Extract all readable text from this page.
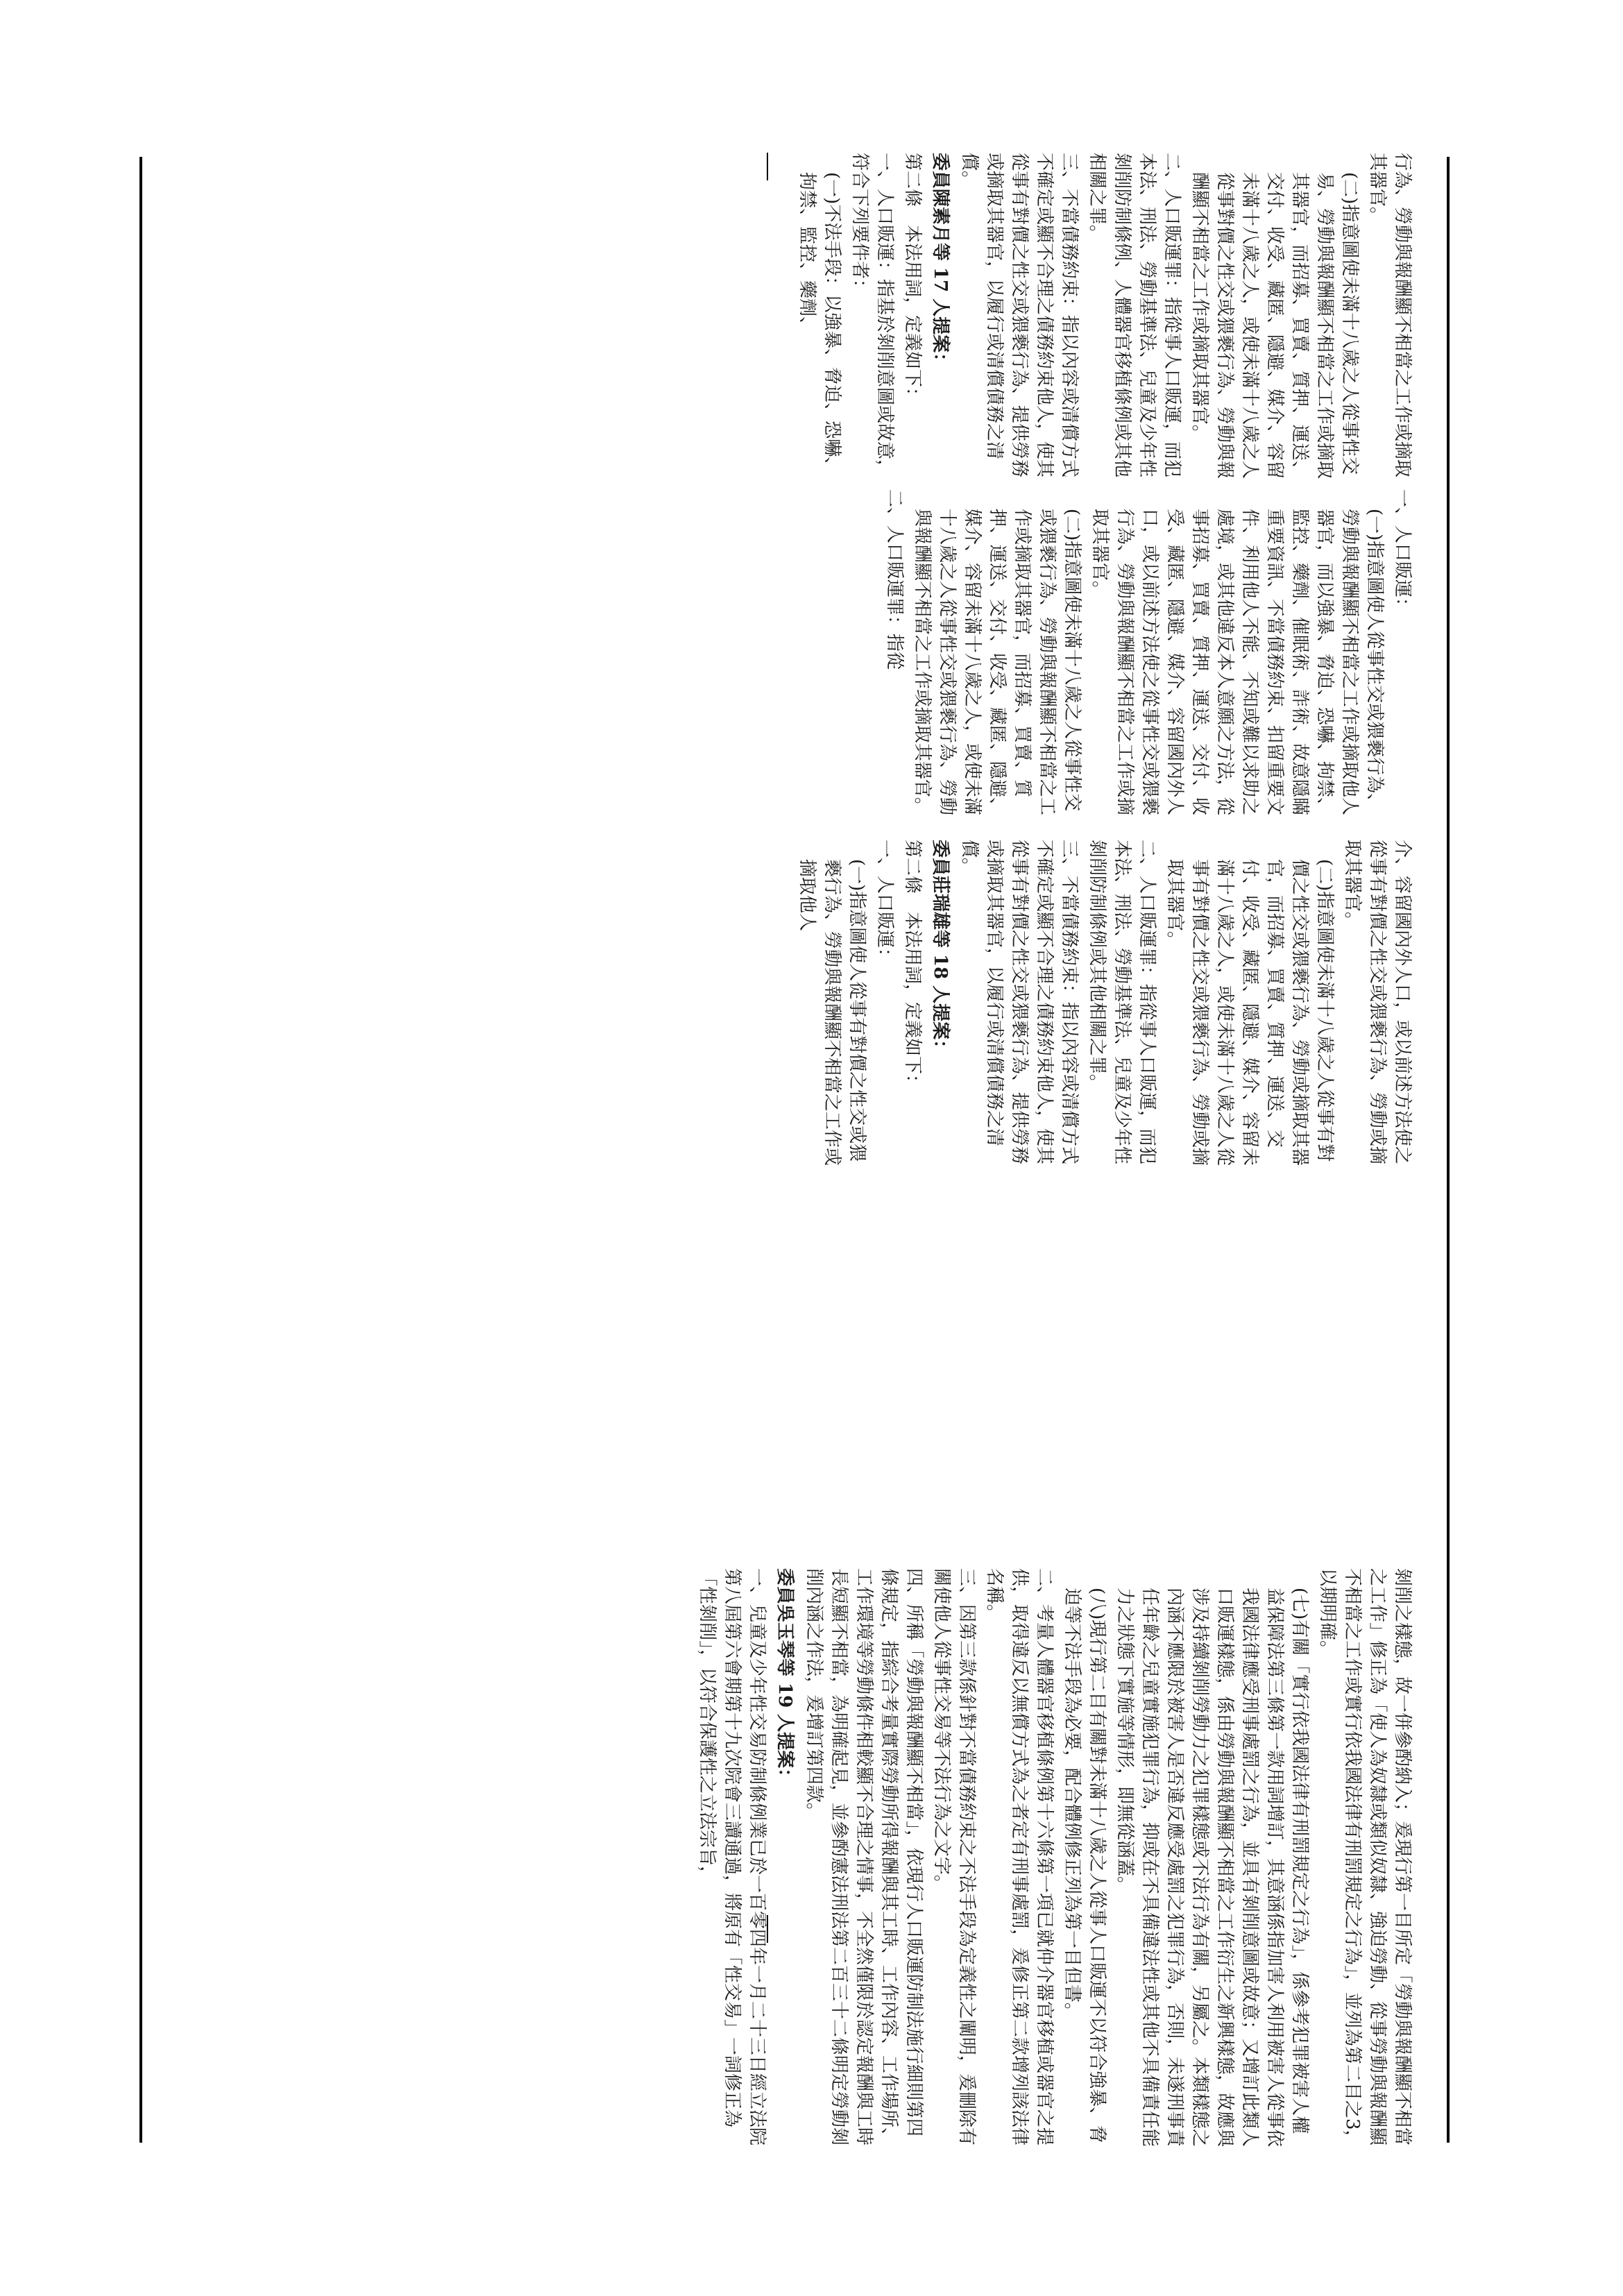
剝削之樣態，故一併參酌納入；爰現行第一目所定「勞動與報酬顯不相當之工作」修正為「使人為奴隸或類似奴隸、強迫勞動、從事勞動與報酬顯不相當之工作或實行依我國法律有刑罰規定之行為」，並列為第二目之3，以期明確。

(七)有關「實行依我國法律有刑罰規定之行為」，係參考犯罪被害人權益保障法第三條第一款用詞增訂，其意涵係指加害人利用被害人從事依我國法律應受刑事處罰之行為，並具有剝削意圖或故意；又增訂此類人口販運樣態，係由勞動與報酬顯不相當之工作衍生之新興樣態，故應與涉及持續剝削勞動力之犯罪樣態或不法行為有關，另屬之。本類樣態之內涵不應限於被害人是否違反應受處罰之犯罪行為，否則，未遂刑事責任年齡之兒童實施犯罪行為，抑或在不具備違法性或其他不具備責任能力之狀態下實施等情形，即無從涵蓋。

(八)現行第二目有關對未滿十八歲之人從事人口販運不以符合強暴、脅迫等不法手段為必要，配合體例修正列為第一目但書。

二、考量人體器官移植條例第十六條第一項已就仲介器官移植或器官之提供，取得違反以無償方式為之者定有刑事處罰，爰修正第二款增列該法律名稱。

三、因第三款係針對不當債務約束之不法手段為定義性之闡明，爰刪除有關使他人從事性交易等不法行為之文字。

四、所稱「勞動與報酬顯不相當」，依現行人口販運防制法施行細則第四條規定，指綜合考量實際勞動所得報酬與其工時、工作內容、工作場所、工作環境等勞動條件相較顯不合理之情事，不全然僅限於認定報酬與工時長短顯不相當，為明確起見，並參酌憲法刑法第二百三十二條明定勞動剝削內涵之作法，爰增訂第四款。

委員吳玉琴等 19 人提案：

一、兒童及少年性交易防制條例業已於一百零四年一月二十三日經立法院第八屆第六會期第十九次院會三讀通過，將原有「性交易」一詞修正為「性剝削」，以符合保護性之立法宗旨，

介、容留國內外人口，或以前述方法使之從事有對價之性交或猥褻行為、勞動或摘取其器官。

(二)指意圖使未滿十八歲之人從事有對價之性交或猥褻行為、勞動或摘取其器官，而招募、買賣、質押、運送、交付、收受、藏匿、隱避、媒介、容留未滿十八歲之人，或使未滿十八歲之人從事有對價之性交或猥褻行為、勞動或摘取其器官。

二、人口販運罪：指從事人口販運，而犯本法、刑法、勞動基準法、兒童及少年性剝削防制條例或其他相關之罪。

三、不當債務約束：指以內容或清償方式不確定或顯不合理之債務約束他人，使其從事有對價之性交或猥褻行為、提供勞務或摘取其器官，以履行或清償債務之清償。

委員莊瑞雄等 18 人提案：

第二條　本法用詞，定義如下：

一、人口販運：

(一)指意圖使人從事有對價之性交或猥褻行為、勞動與報酬顯不相當之工作或摘取他人

一、人口販運：

(一)指意圖使人從事性交或猥褻行為、勞動與報酬顯不相當之工作或摘取他人器官，而以強暴、脅迫、恐嚇、拘禁、監控、藥劑、催眠術、詐術、故意隱瞞重要資訊、不當債務約束、扣留重要文件、利用他人不能、不知或難以求助之處境，或其他違反本人意願之方法，從事招募、買賣、質押、運送、交付、收受、藏匿、隱避、媒介、容留國內外人口，或以前述方法使之從事性交或猥褻行為、勞動與報酬顯不相當之工作或摘取其器官。

(二)指意圖使未滿十八歲之人從事性交或猥褻行為、勞動與報酬顯不相當之工作或摘取其器官，而招募、買賣、質押、運送、交付、收受、藏匿、隱避、媒介、容留未滿十八歲之人，或使未滿十八歲之人從事性交或猥褻行為、勞動與報酬顯不相當之工作或摘取其器官。

二、人口販運罪：指從

行為、勞動與報酬顯不相當之工作或摘取其器官。

(二)指意圖使未滿十八歲之人從事性交易、勞動與報酬顯不相當之工作或摘取其器官，而招募、買賣、質押、運送、交付、收受、藏匿、隱避、媒介、容留未滿十八歲之人，或使未滿十八歲之人從事對價之性交或猥褻行為、勞動與報酬顯不相當之工作或摘取其器官。

二、人口販運罪：指從事人口販運，而犯本法、刑法、勞動基準法、兒童及少年性剝削防制條例、人體器官移植條例或其他相關之罪。

三、不當債務約束：指以內容或清償方式不確定或顯不合理之債務約束他人，使其從事有對價之性交或猥褻行為、提供勞務或摘取其器官，以履行或清償債務之清償。

委員陳素月等 17 人提案：

第二條　本法用詞，定義如下：

一、人口販運：指基於剝削意圖或故意，符合下列要件者：

(一)不法手段：以強暴、脅迫、恐嚇、拘禁、監控、藥劑、
